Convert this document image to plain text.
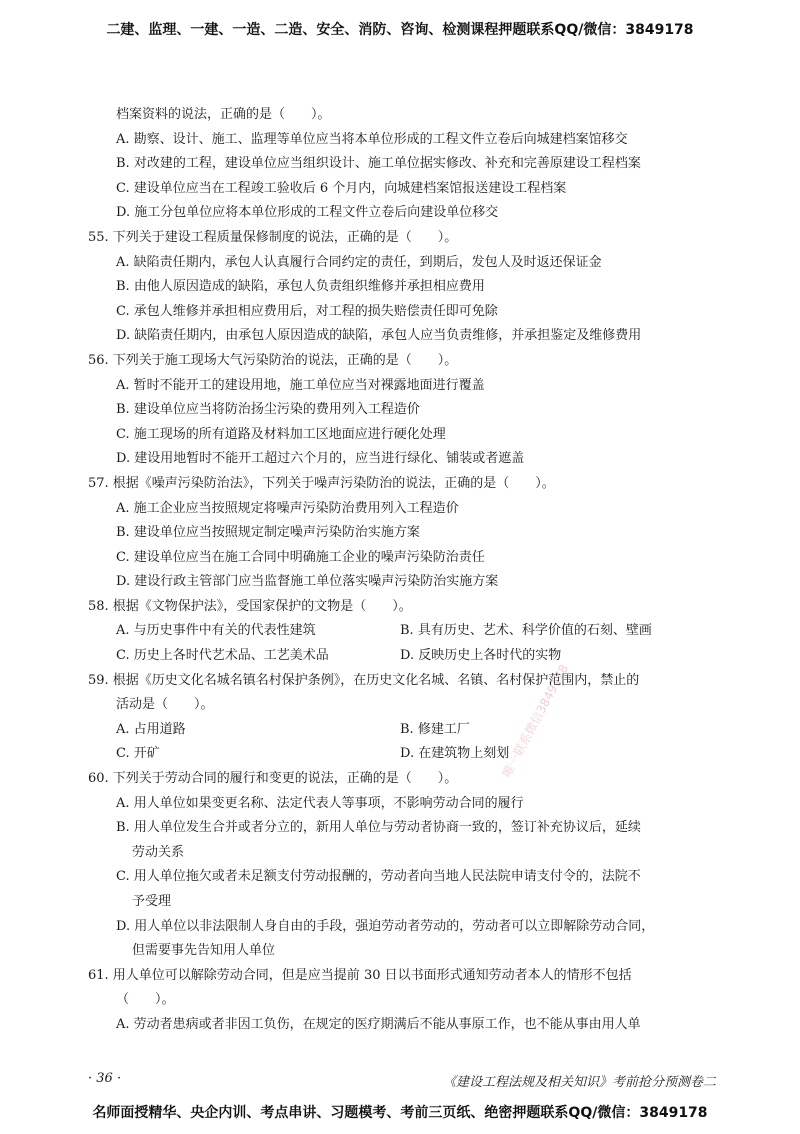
二建、监理、一建、一造、二造、安全、消防、咨询、检测课程押题联系QQ/微信：3849178
档案资料的说法，正确的是（　　）。
A. 勘察、设计、施工、监理等单位应当将本单位形成的工程文件立卷后向城建档案馆移交
B. 对改建的工程，建设单位应当组织设计、施工单位据实修改、补充和完善原建设工程档案
C. 建设单位应当在工程竣工验收后 6 个月内，向城建档案馆报送建设工程档案
D. 施工分包单位应将本单位形成的工程文件立卷后向建设单位移交
55. 下列关于建设工程质量保修制度的说法，正确的是（　　）。
A. 缺陷责任期内，承包人认真履行合同约定的责任，到期后，发包人及时返还保证金
B. 由他人原因造成的缺陷，承包人负责组织维修并承担相应费用
C. 承包人维修并承担相应费用后，对工程的损失赔偿责任即可免除
D. 缺陷责任期内，由承包人原因造成的缺陷，承包人应当负责维修，并承担鉴定及维修费用
56. 下列关于施工现场大气污染防治的说法，正确的是（　　）。
A. 暂时不能开工的建设用地，施工单位应当对裸露地面进行覆盖
B. 建设单位应当将防治扬尘污染的费用列入工程造价
C. 施工现场的所有道路及材料加工区地面应进行硬化处理
D. 建设用地暂时不能开工超过六个月的，应当进行绿化、铺装或者遮盖
57. 根据《噪声污染防治法》，下列关于噪声污染防治的说法，正确的是（　　）。
A. 施工企业应当按照规定将噪声污染防治费用列入工程造价
B. 建设单位应当按照规定制定噪声污染防治实施方案
C. 建设单位应当在施工合同中明确施工企业的噪声污染防治责任
D. 建设行政主管部门应当监督施工单位落实噪声污染防治实施方案
58. 根据《文物保护法》，受国家保护的文物是（　　）。
A. 与历史事件中有关的代表性建筑	B. 具有历史、艺术、科学价值的石刻、壁画
C. 历史上各时代艺术品、工艺美术品	D. 反映历史上各时代的实物
59. 根据《历史文化名城名镇名村保护条例》，在历史文化名城、名镇、名村保护范围内，禁止的
活动是（　　）。
A. 占用道路	B. 修建工厂
C. 开矿	D. 在建筑物上刻划
60. 下列关于劳动合同的履行和变更的说法，正确的是（　　）。
A. 用人单位如果变更名称、法定代表人等事项，不影响劳动合同的履行
B. 用人单位发生合并或者分立的，新用人单位与劳动者协商一致的，签订补充协议后，延续
劳动关系
C. 用人单位拖欠或者未足额支付劳动报酬的，劳动者向当地人民法院申请支付令的，法院不
予受理
D. 用人单位以非法限制人身自由的手段，强迫劳动者劳动的，劳动者可以立即解除劳动合同，
但需要事先告知用人单位
61. 用人单位可以解除劳动合同，但是应当提前 30 日以书面形式通知劳动者本人的情形不包括
（　　）。
A. 劳动者患病或者非因工负伤，在规定的医疗期满后不能从事原工作，也不能从事由用人单
唯一联系微信3849178
· 36 ·	《建设工程法规及相关知识》考前抢分预测卷二
名师面授精华、央企内训、考点串讲、习题模考、考前三页纸、绝密押题联系QQ/微信：3849178
